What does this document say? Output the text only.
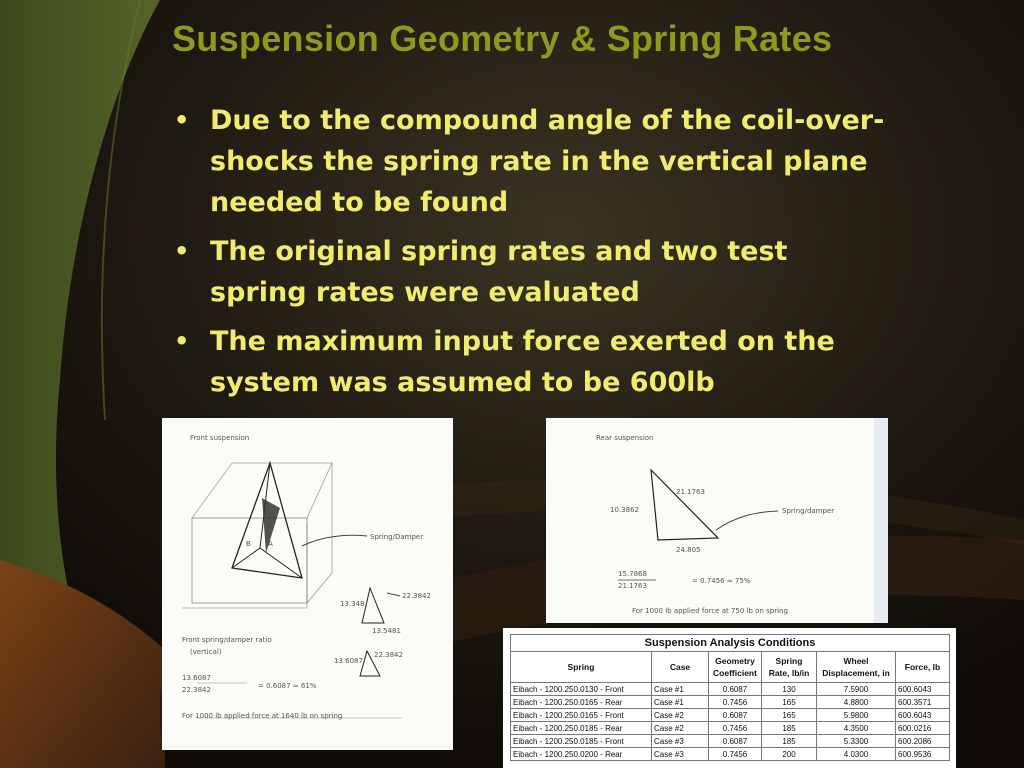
Suspension Geometry & Spring Rates
• Due to the compound angle of the coil-over-shocks the spring rate in the vertical plane needed to be found
• The original spring rates and two test spring rates were evaluated
• The maximum input force exerted on the system was assumed to be 600lb
Front suspension
B A
Spring/Damper
13.348
22.3842
13.5481
Front spring/damper ratio
(vertical)
13.6087
22.3842
13.6087
22.3842	= 0.6087 ≈ 61%
For 1000 lb applied force at 1640 lb on spring
Rear suspension
10.3862
21.1763
24.805
Spring/damper
15.7868
21.1763
= 0.7456 ≈ 75%
For 1000 lb applied force at 750 lb on spring
Suspension Analysis Conditions
Spring	Case	Geometry Coefficient	Spring Rate, lb/in	Wheel Displacement, in	Force, lb
Eibach - 1200.250.0130 - Front	Case #1	0.6087	130	7.5900	600.6043
Eibach - 1200.250.0165 - Rear	Case #1	0.7456	165	4.8800	600.3571
Eibach - 1200.250.0165 - Front	Case #2	0.6087	165	5.9800	600.6043
Eibach - 1200.250.0185 - Rear	Case #2	0.7456	185	4.3500	600.0216
Eibach - 1200.250.0185 - Front	Case #3	0.6087	185	5.3300	600.2086
Eibach - 1200.250.0200 - Rear	Case #3	0.7456	200	4.0300	600.9536
